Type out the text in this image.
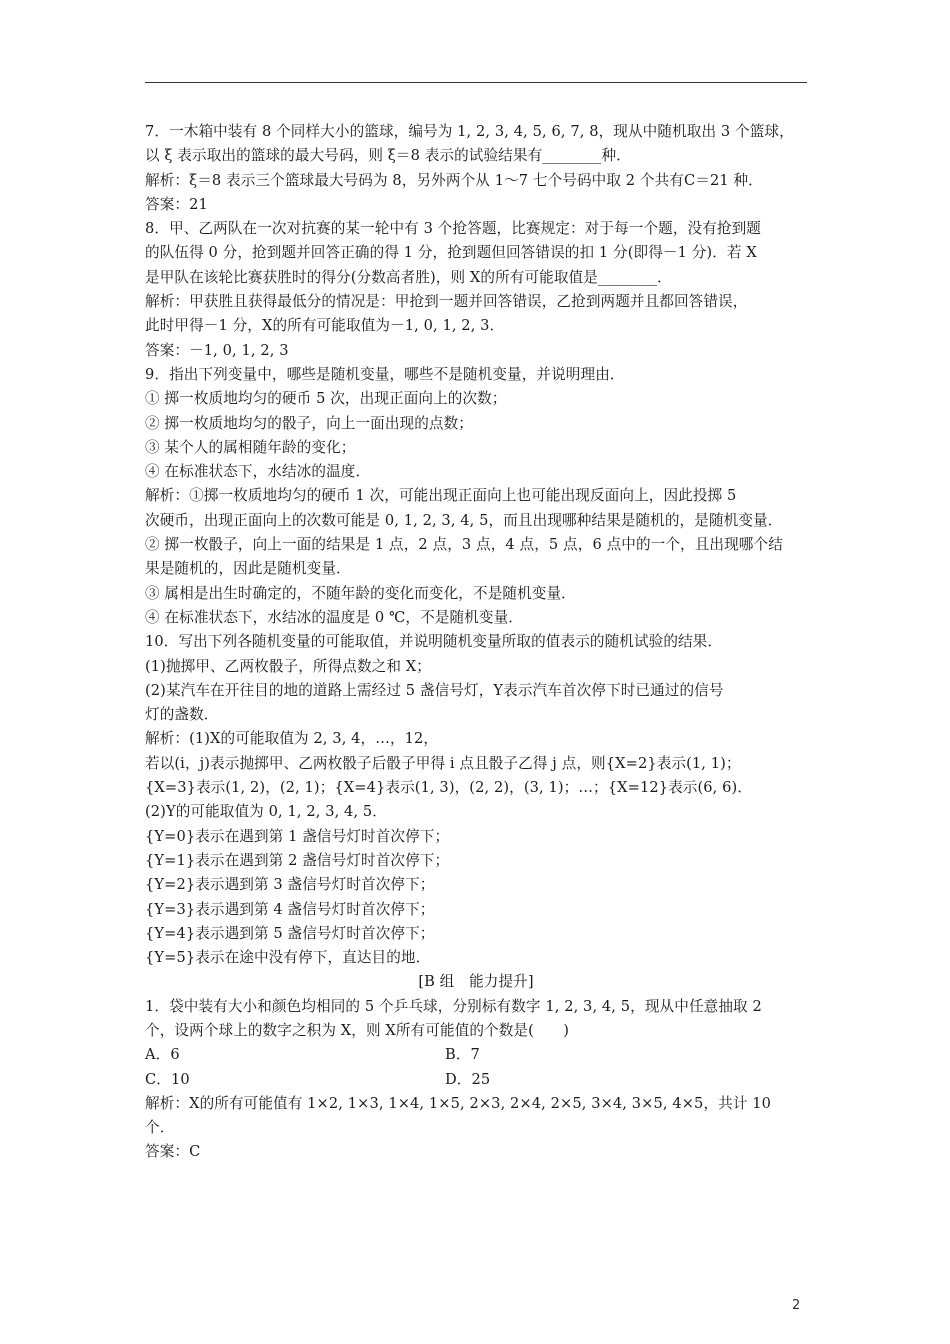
7．一木箱中装有 8 个同样大小的篮球，编号为 1, 2, 3, 4, 5, 6, 7, 8，现从中随机取出 3 个篮球，
以 ξ 表示取出的篮球的最大号码，则 ξ＝8 表示的试验结果有________种．
解析：ξ＝8 表示三个篮球最大号码为 8，另外两个从 1～7 七个号码中取 2 个共有C＝21 种．
答案：21
8．甲、乙两队在一次对抗赛的某一轮中有 3 个抢答题，比赛规定：对于每一个题，没有抢到题
的队伍得 0 分，抢到题并回答正确的得 1 分，抢到题但回答错误的扣 1 分(即得－1 分)．若 X
是甲队在该轮比赛获胜时的得分(分数高者胜)，则 X的所有可能取值是________．
解析：甲获胜且获得最低分的情况是：甲抢到一题并回答错误，乙抢到两题并且都回答错误，
此时甲得－1 分，X的所有可能取值为－1, 0, 1, 2, 3．
答案：－1, 0, 1, 2, 3
9．指出下列变量中，哪些是随机变量，哪些不是随机变量，并说明理由．
① 掷一枚质地均匀的硬币 5 次，出现正面向上的次数；
② 掷一枚质地均匀的骰子，向上一面出现的点数；
③ 某个人的属相随年龄的变化；
④ 在标准状态下，水结冰的温度．
解析：①掷一枚质地均匀的硬币 1 次，可能出现正面向上也可能出现反面向上，因此投掷 5
次硬币，出现正面向上的次数可能是 0, 1, 2, 3, 4, 5，而且出现哪种结果是随机的，是随机变量．
② 掷一枚骰子，向上一面的结果是 1 点，2 点，3 点，4 点，5 点，6 点中的一个，且出现哪个结
果是随机的，因此是随机变量．
③ 属相是出生时确定的，不随年龄的变化而变化，不是随机变量．
④ 在标准状态下，水结冰的温度是 0 ℃，不是随机变量．
10．写出下列各随机变量的可能取值，并说明随机变量所取的值表示的随机试验的结果．
(1)抛掷甲、乙两枚骰子，所得点数之和 X；
(2)某汽车在开往目的地的道路上需经过 5 盏信号灯，Y表示汽车首次停下时已通过的信号
灯的盏数．
解析：(1)X的可能取值为 2, 3, 4，…，12，
若以(i，j)表示抛掷甲、乙两枚骰子后骰子甲得 i 点且骰子乙得 j 点，则{X=2}表示(1, 1)；
{X=3}表示(1, 2)，(2, 1)；{X=4}表示(1, 3)，(2, 2)，(3, 1)；…；{X=12}表示(6, 6)．
(2)Y的可能取值为 0, 1, 2, 3, 4, 5．
{Y=0}表示在遇到第 1 盏信号灯时首次停下；
{Y=1}表示在遇到第 2 盏信号灯时首次停下；
{Y=2}表示遇到第 3 盏信号灯时首次停下；
{Y=3}表示遇到第 4 盏信号灯时首次停下；
{Y=4}表示遇到第 5 盏信号灯时首次停下；
{Y=5}表示在途中没有停下，直达目的地．
[B 组　能力提升]
1．袋中装有大小和颜色均相同的 5 个乒乓球，分别标有数字 1, 2, 3, 4, 5，现从中任意抽取 2
个，设两个球上的数字之积为 X，则 X所有可能值的个数是(　　)
A．6	B．7
C．10	D．25
解析：X的所有可能值有 1×2, 1×3, 1×4, 1×5, 2×3, 2×4, 2×5, 3×4, 3×5, 4×5，共计 10
个．
答案：C
2
